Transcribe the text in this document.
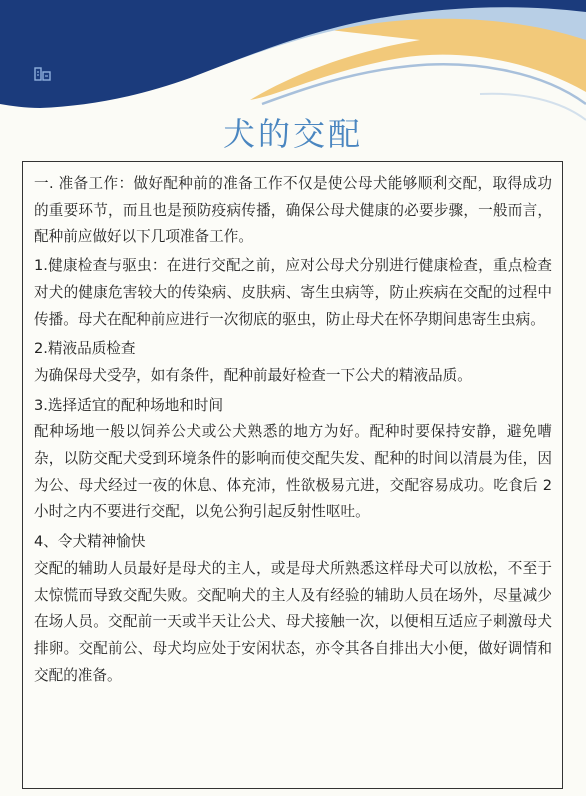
犬的交配

一. 准备工作：做好配种前的准备工作不仅是使公母犬能够顺利交配，取得成功的重要环节，而且也是预防疫病传播，确保公母犬健康的必要步骤，一般而言，配种前应做好以下几项准备工作。

1.健康检查与驱虫：在进行交配之前，应对公母犬分别进行健康检查，重点检查对犬的健康危害较大的传染病、皮肤病、寄生虫病等，防止疾病在交配的过程中传播。母犬在配种前应进行一次彻底的驱虫，防止母犬在怀孕期间患寄生虫病。

2.精液品质检查

为确保母犬受孕，如有条件，配种前最好检查一下公犬的精液品质。

3.选择适宜的配种场地和时间

配种场地一般以饲养公犬或公犬熟悉的地方为好。配种时要保持安静，避免嘈杂，以防交配犬受到环境条件的影响而使交配失发、配种的时间以清晨为佳，因为公、母犬经过一夜的休息、体充沛，性欲极易亢进，交配容易成功。吃食后 2 小时之内不要进行交配，以免公狗引起反射性呕吐。

4、令犬精神愉快

交配的辅助人员最好是母犬的主人，或是母犬所熟悉这样母犬可以放松，不至于太惊慌而导致交配失败。交配响犬的主人及有经验的辅助人员在场外，尽量减少在场人员。交配前一天或半天让公犬、母犬接触一次，以便相互适应子刺激母犬排卵。交配前公、母犬均应处于安闲状态，亦令其各自排出大小便，做好调情和交配的准备。
